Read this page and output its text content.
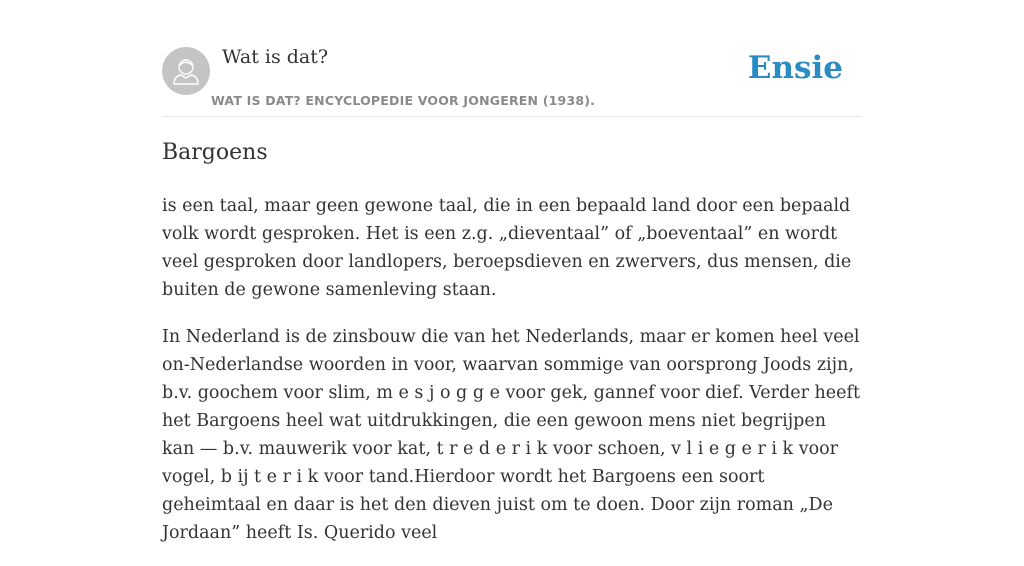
Wat is dat?
WAT IS DAT? ENCYCLOPEDIE VOOR JONGEREN (1938).
Ensie
Bargoens

is een taal, maar geen gewone taal, die in een bepaald land door een bepaald volk wordt gesproken. Het is een z.g. „dieventaal” of „boeventaal” en wordt veel gesproken door landlopers, beroepsdieven en zwervers, dus mensen, die buiten de gewone samenleving staan.

In Nederland is de zinsbouw die van het Nederlands, maar er komen heel veel on-Nederlandse woorden in voor, waarvan sommige van oorsprong Joods zijn, b.v. goochem voor slim, m e s j o g g e voor gek, gannef voor dief. Verder heeft het Bargoens heel wat uitdrukkingen, die een gewoon mens niet begrijpen kan — b.v. mauwerik voor kat, t r e d e r i k voor schoen, v l i e g e r i k voor vogel, b ij t e r i k voor tand.Hierdoor wordt het Bargoens een soort geheimtaal en daar is het den dieven juist om te doen. Door zijn roman „De Jordaan” heeft Is. Querido veel
